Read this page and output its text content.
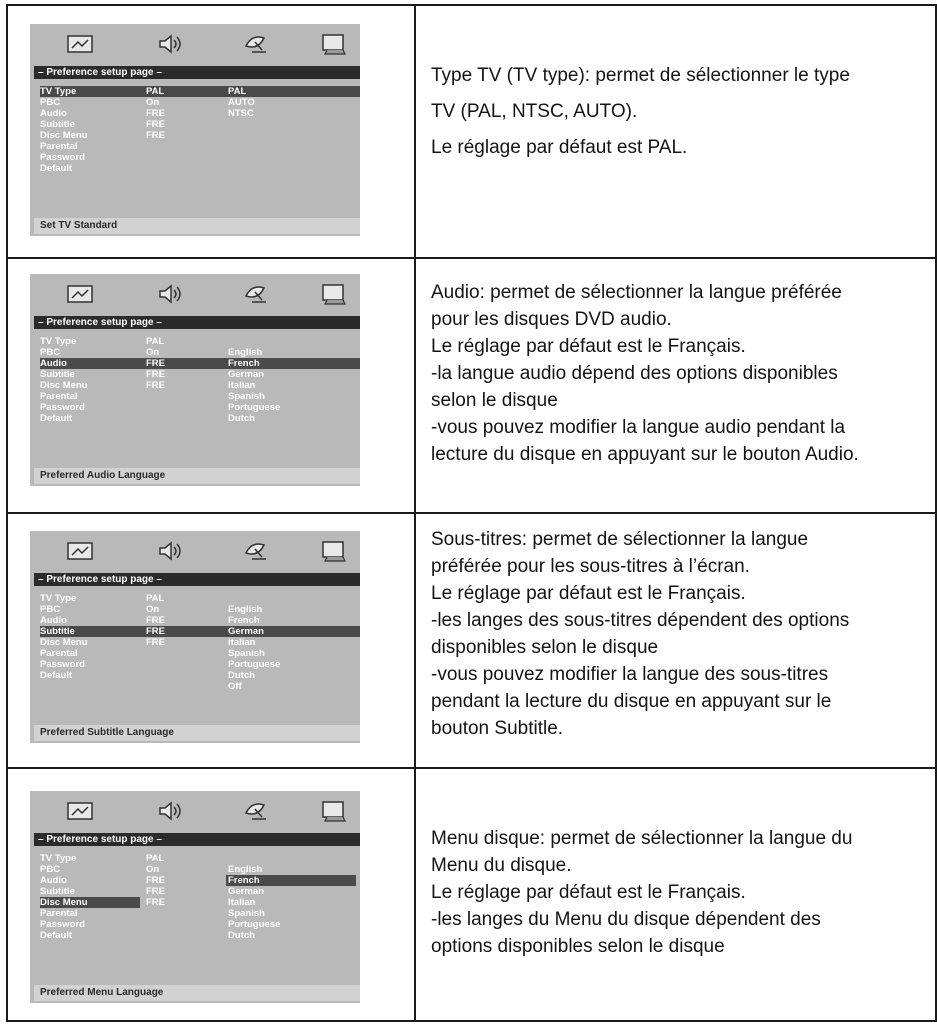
– Preference setup page –
TV Type	PAL
PBC	On
Audio	FRE
Subtitle	FRE
Disc Menu	FRE
Parental
Password
Default
PAL
AUTO
NTSC
Set TV Standard

Type TV (TV type): permet de sélectionner le type

TV (PAL, NTSC, AUTO).

Le réglage par défaut est PAL.

– Preference setup page –
TV Type	PAL
PBC	On
Audio	FRE
Subtitle	FRE
Disc Menu	FRE
Parental
Password
Default
English
French
German
Italian
Spanish
Portuguese
Dutch
Preferred Audio Language

Audio: permet de sélectionner la langue préférée

pour les disques DVD audio.

Le réglage par défaut est le Français.

-la langue audio dépend des options disponibles

selon le disque

-vous pouvez modifier la langue audio pendant la

lecture du disque en appuyant sur le bouton Audio.

– Preference setup page –
TV Type	PAL
PBC	On
Audio	FRE
Subtitle	FRE
Disc Menu	FRE
Parental
Password
Default
English
French
German
Italian
Spanish
Portuguese
Dutch
Off
Preferred Subtitle Language

Sous-titres: permet de sélectionner la langue

préférée pour les sous-titres à l’écran.

Le réglage par défaut est le Français.

-les langes des sous-titres dépendent des options

disponibles selon le disque

-vous pouvez modifier la langue des sous-titres

pendant la lecture du disque en appuyant sur le

bouton Subtitle.

– Preference setup page –
TV Type	PAL
PBC	On
Audio	FRE
Subtitle	FRE
Disc Menu	FRE
Parental
Password
Default
English
French
German
Italian
Spanish
Portuguese
Dutch
Preferred Menu Language

Menu disque: permet de sélectionner la langue du

Menu du disque.

Le réglage par défaut est le Français.

-les langes du Menu du disque dépendent des

options disponibles selon le disque
